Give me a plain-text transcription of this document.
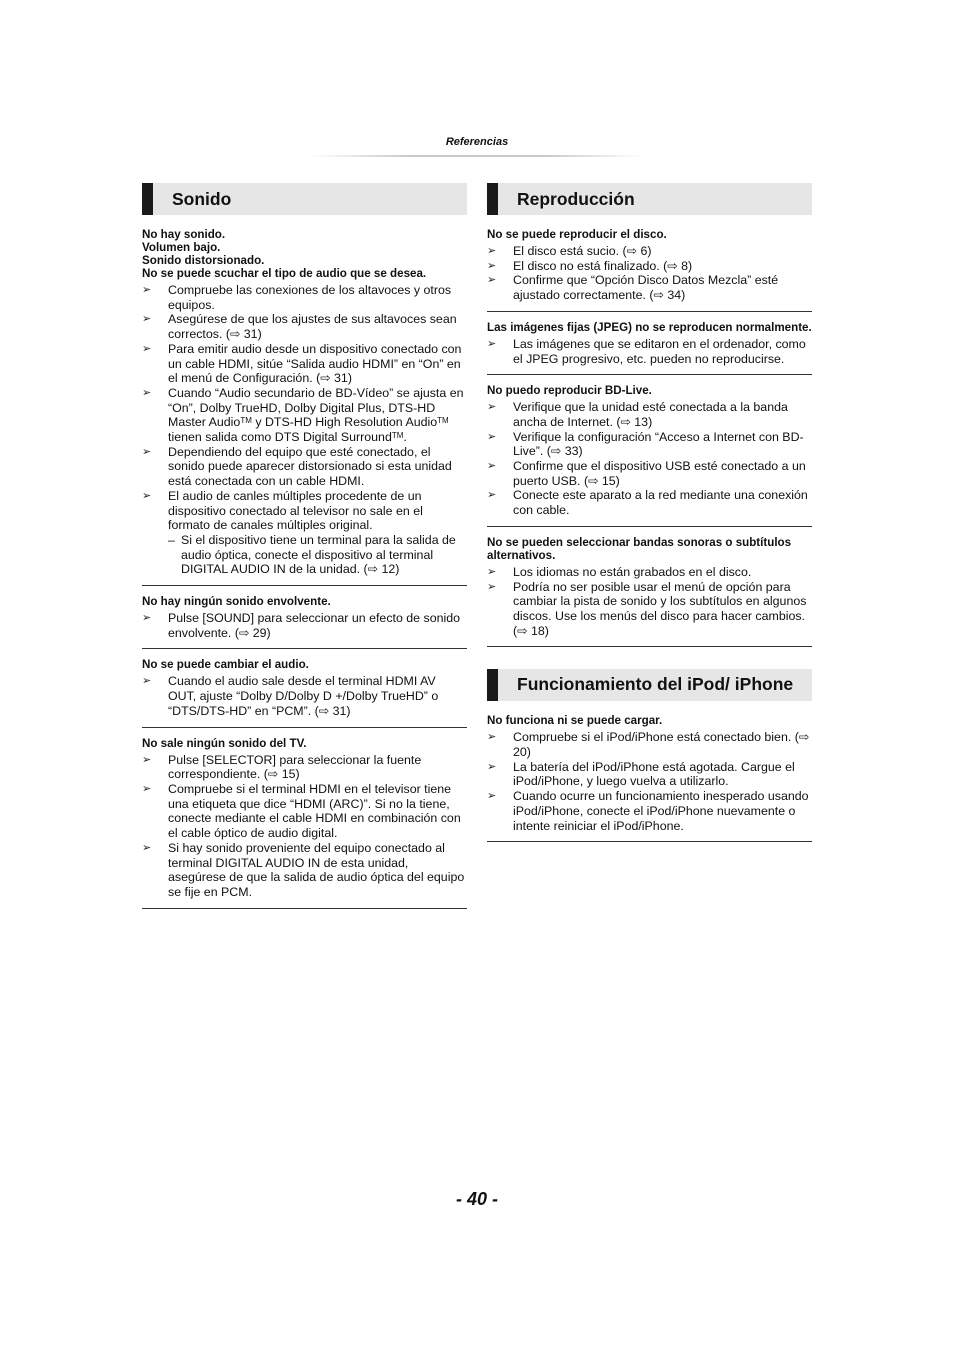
Referencias
Sonido
No hay sonido.
Volumen bajo.
Sonido distorsionado.
No se puede scuchar el tipo de audio que se desea.
➢ Compruebe las conexiones de los altavoces y otros equipos.
➢ Asegúrese de que los ajustes de sus altavoces sean correctos. (⇨ 31)
➢ Para emitir audio desde un dispositivo conectado con un cable HDMI, sitúe “Salida audio HDMI” en “On” en el menú de Configuración. (⇨ 31)
➢ Cuando “Audio secundario de BD-Vídeo” se ajusta en “On”, Dolby TrueHD, Dolby Digital Plus, DTS-HD Master Audio™ y DTS-HD High Resolution Audio™ tienen salida como DTS Digital Surround™.
➢ Dependiendo del equipo que esté conectado, el sonido puede aparecer distorsionado si esta unidad está conectada con un cable HDMI.
➢ El audio de canles múltiples procedente de un dispositivo conectado al televisor no sale en el formato de canales múltiples original.
– Si el dispositivo tiene un terminal para la salida de audio óptica, conecte el dispositivo al terminal DIGITAL AUDIO IN de la unidad. (⇨ 12)
No hay ningún sonido envolvente.
➢ Pulse [SOUND] para seleccionar un efecto de sonido envolvente. (⇨ 29)
No se puede cambiar el audio.
➢ Cuando el audio sale desde el terminal HDMI AV OUT, ajuste “Dolby D/Dolby D +/Dolby TrueHD” o “DTS/DTS-HD” en “PCM”. (⇨ 31)
No sale ningún sonido del TV.
➢ Pulse [SELECTOR] para seleccionar la fuente correspondiente. (⇨ 15)
➢ Compruebe si el terminal HDMI en el televisor tiene una etiqueta que dice “HDMI (ARC)”. Si no la tiene, conecte mediante el cable HDMI en combinación con el cable óptico de audio digital.
➢ Si hay sonido proveniente del equipo conectado al terminal DIGITAL AUDIO IN de esta unidad, asegúrese de que la salida de audio óptica del equipo se fije en PCM.
Reproducción
No se puede reproducir el disco.
➢ El disco está sucio. (⇨ 6)
➢ El disco no está finalizado. (⇨ 8)
➢ Confirme que “Opción Disco Datos Mezcla” esté ajustado correctamente. (⇨ 34)
Las imágenes fijas (JPEG) no se reproducen normalmente.
➢ Las imágenes que se editaron en el ordenador, como el JPEG progresivo, etc. pueden no reproducirse.
No puedo reproducir BD-Live.
➢ Verifique que la unidad esté conectada a la banda ancha de Internet. (⇨ 13)
➢ Verifique la configuración “Acceso a Internet con BD-Live”. (⇨ 33)
➢ Confirme que el dispositivo USB esté conectado a un puerto USB. (⇨ 15)
➢ Conecte este aparato a la red mediante una conexión con cable.
No se pueden seleccionar bandas sonoras o subtítulos alternativos.
➢ Los idiomas no están grabados en el disco.
➢ Podría no ser posible usar el menú de opción para cambiar la pista de sonido y los subtítulos en algunos discos. Use los menús del disco para hacer cambios. (⇨ 18)
Funcionamiento del iPod/ iPhone
No funciona ni se puede cargar.
➢ Compruebe si el iPod/iPhone está conectado bien. (⇨ 20)
➢ La batería del iPod/iPhone está agotada. Cargue el iPod/iPhone, y luego vuelva a utilizarlo.
➢ Cuando ocurre un funcionamiento inesperado usando iPod/iPhone, conecte el iPod/iPhone nuevamente o intente reiniciar el iPod/iPhone.
- 40 -
